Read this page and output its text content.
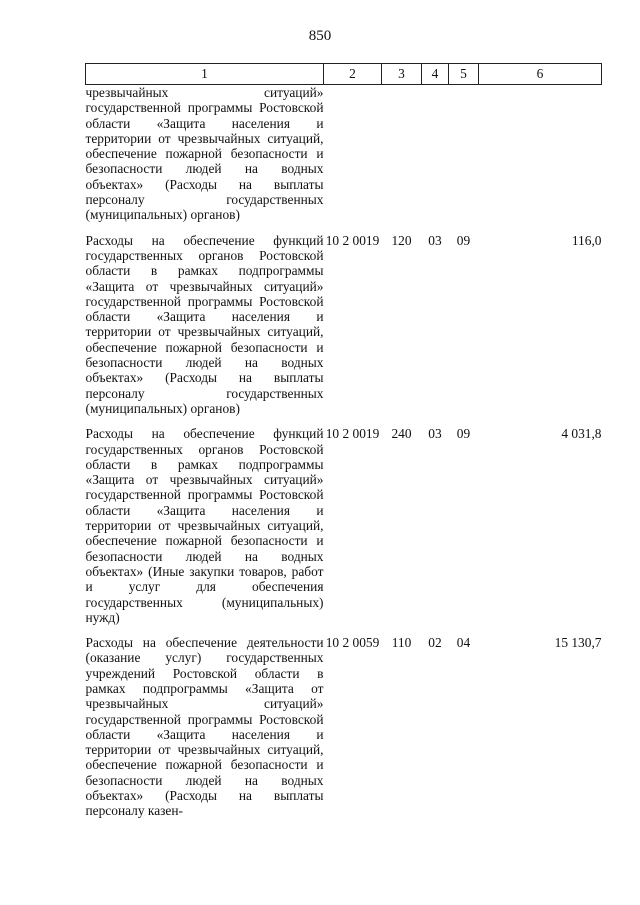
850
1	2	3	4	5	6
чрезвычайных ситуаций» государственной программы Ростовской области «Защита населения и территории от чрезвычайных ситуаций, обеспечение пожарной безопасности и безопасности людей на водных объектах» (Расходы на выплаты персоналу государственных (муниципальных) органов)					

Расходы на обеспечение функций государственных органов Ростовской области в рамках подпрограммы «Защита от чрезвычайных ситуаций» государственной программы Ростовской области «Защита населения и территории от чрезвычайных ситуаций, обеспечение пожарной безопасности и безопасности людей на водных объектах» (Расходы на выплаты персоналу государственных (муниципальных) органов)	10 2 0019	120	03	09	116,0

Расходы на обеспечение функций государственных органов Ростовской области в рамках подпрограммы «Защита от чрезвычайных ситуаций» государственной программы Ростовской области «Защита населения и территории от чрезвычайных ситуаций, обеспечение пожарной безопасности и безопасности людей на водных объектах» (Иные закупки товаров, работ и услуг для обеспечения государственных (муниципальных) нужд)	10 2 0019	240	03	09	4 031,8

Расходы на обеспечение деятельности (оказание услуг) государственных учреждений Ростовской области в рамках подпрограммы «Защита от чрезвычайных ситуаций» государственной программы Ростовской области «Защита населения и территории от чрезвычайных ситуаций, обеспечение пожарной безопасности и безопасности людей на водных объектах» (Расходы на выплаты персоналу казен-	10 2 0059	110	02	04	15 130,7
